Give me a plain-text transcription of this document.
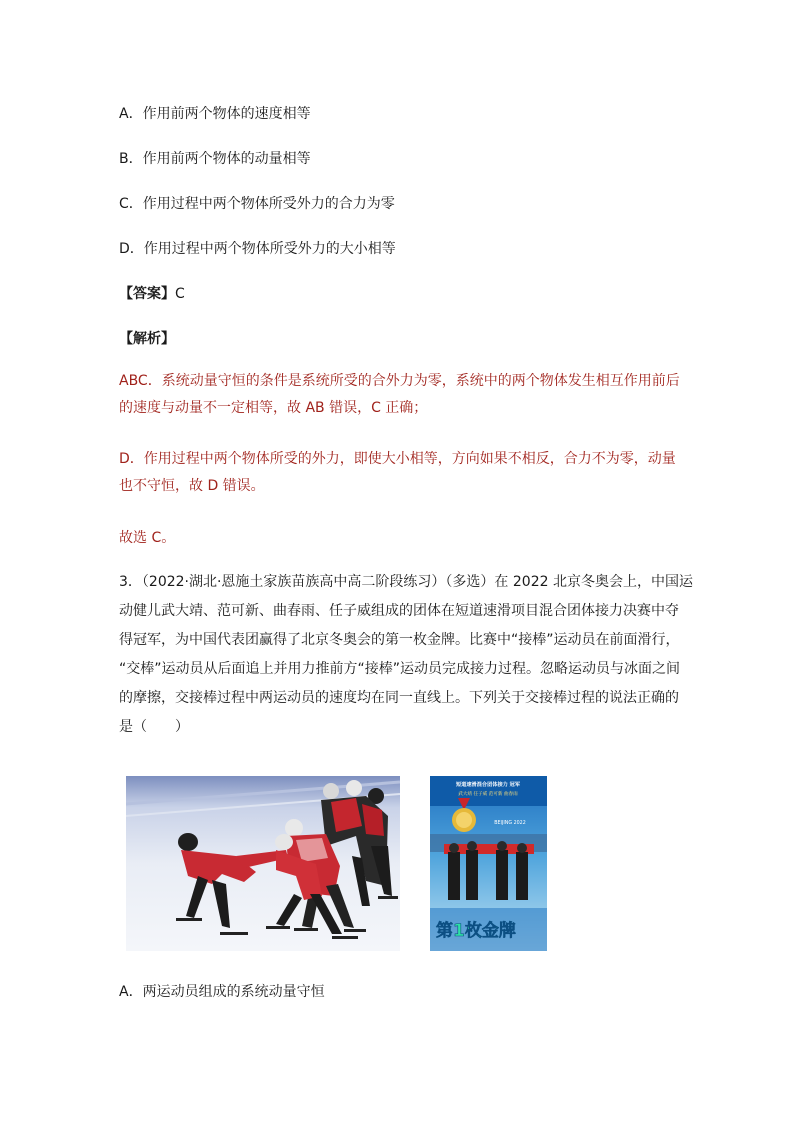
A．作用前两个物体的速度相等
B．作用前两个物体的动量相等
C．作用过程中两个物体所受外力的合力为零
D．作用过程中两个物体所受外力的大小相等
【答案】C
【解析】
ABC．系统动量守恒的条件是系统所受的合外力为零，系统中的两个物体发生相互作用前后
的速度与动量不一定相等，故 AB 错误，C 正确；
D．作用过程中两个物体所受的外力，即使大小相等，方向如果不相反，合力不为零，动量
也不守恒，故 D 错误。
故选 C。
3．（2022·湖北·恩施土家族苗族高中高二阶段练习）（多选）在 2022 北京冬奥会上，中国运
动健儿武大靖、范可新、曲春雨、任子威组成的团体在短道速滑项目混合团体接力决赛中夺
得冠军，为中国代表团赢得了北京冬奥会的第一枚金牌。比赛中“接棒”运动员在前面滑行，
“交棒”运动员从后面追上并用力推前方“接棒”运动员完成接力过程。忽略运动员与冰面之间
的摩擦，交接棒过程中两运动员的速度均在同一直线上。下列关于交接棒过程的说法正确的
是（　　）
短道速滑混合团体接力 冠军
武大靖 任子威 范可新 曲春雨
BEIJING 2022
第1枚金牌
A．两运动员组成的系统动量守恒
